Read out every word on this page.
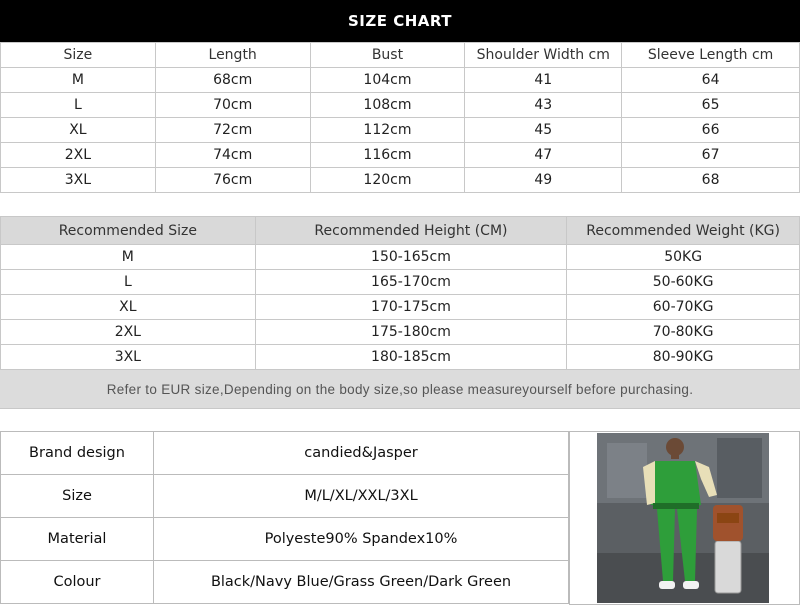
SIZE CHART
Size	Length	Bust	Shoulder Width cm	Sleeve Length cm
M	68cm	104cm	41	64
L	70cm	108cm	43	65
XL	72cm	112cm	45	66
2XL	74cm	116cm	47	67
3XL	76cm	120cm	49	68
Recommended Size	Recommended Height (CM)	Recommended Weight (KG)
M	150-165cm	50KG
L	165-170cm	50-60KG
XL	170-175cm	60-70KG
2XL	175-180cm	70-80KG
3XL	180-185cm	80-90KG
Refer to EUR size,Depending on the body size,so please measureyourself before purchasing.
Brand design	candied&Jasper
Size	M/L/XL/XXL/3XL
Material	Polyeste90% Spandex10%
Colour	Black/Navy Blue/Grass Green/Dark Green
